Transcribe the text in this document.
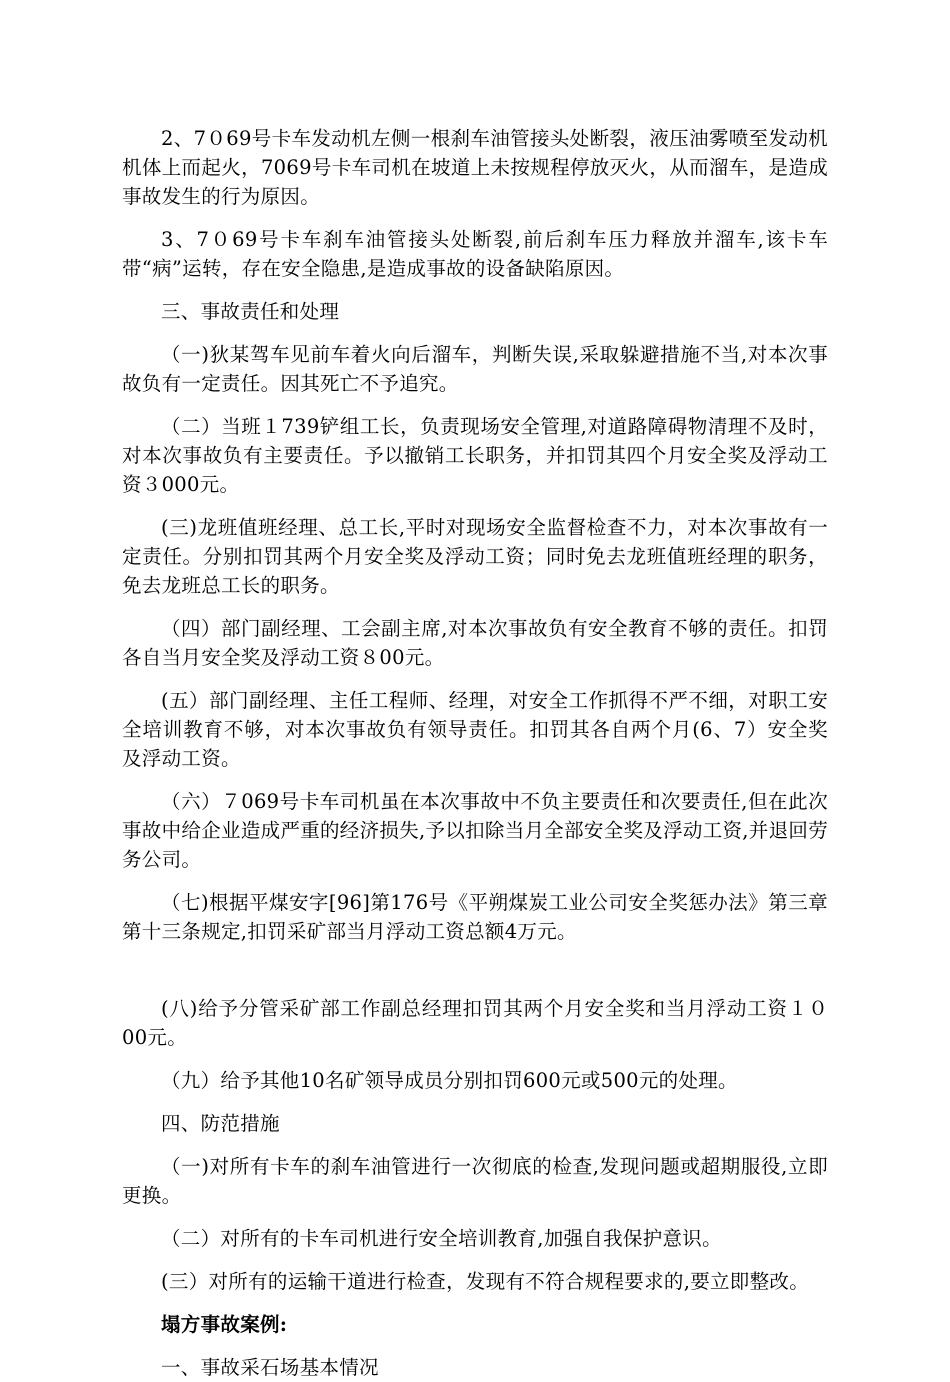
2、7０69号卡车发动机左侧一根刹车油管接头处断裂，液压油雾喷至发动机机体上而起火，7069号卡车司机在坡道上未按规程停放灭火，从而溜车，是造成事故发生的行为原因。

3、7０69号卡车刹车油管接头处断裂,前后刹车压力释放并溜车,该卡车带“病”运转，存在安全隐患,是造成事故的设备缺陷原因。

三、事故责任和处理

（一)狄某驾车见前车着火向后溜车，判断失误,采取躲避措施不当,对本次事故负有一定责任。因其死亡不予追究。

（二）当班１739铲组工长，负责现场安全管理,对道路障碍物清理不及时，对本次事故负有主要责任。予以撤销工长职务，并扣罚其四个月安全奖及浮动工资３000元。

(三)龙班值班经理、总工长,平时对现场安全监督检查不力，对本次事故有一定责任。分别扣罚其两个月安全奖及浮动工资；同时免去龙班值班经理的职务，免去龙班总工长的职务。

（四）部门副经理、工会副主席,对本次事故负有安全教育不够的责任。扣罚各自当月安全奖及浮动工资８00元。

(五）部门副经理、主任工程师、经理，对安全工作抓得不严不细，对职工安全培训教育不够，对本次事故负有领导责任。扣罚其各自两个月(6、7）安全奖及浮动工资。

（六）７069号卡车司机虽在本次事故中不负主要责任和次要责任,但在此次事故中给企业造成严重的经济损失,予以扣除当月全部安全奖及浮动工资,并退回劳务公司。

（七)根据平煤安字[96]第176号《平朔煤炭工业公司安全奖惩办法》第三章第十三条规定,扣罚采矿部当月浮动工资总额4万元。

(八)给予分管采矿部工作副总经理扣罚其两个月安全奖和当月浮动工资１０00元。

（九）给予其他10名矿领导成员分别扣罚600元或500元的处理。

四、防范措施

（一)对所有卡车的刹车油管进行一次彻底的检查,发现问题或超期服役,立即更换。

（二）对所有的卡车司机进行安全培训教育,加强自我保护意识。

(三）对所有的运输干道进行检查，发现有不符合规程要求的,要立即整改。

塌方事故案例:

一、事故采石场基本情况
